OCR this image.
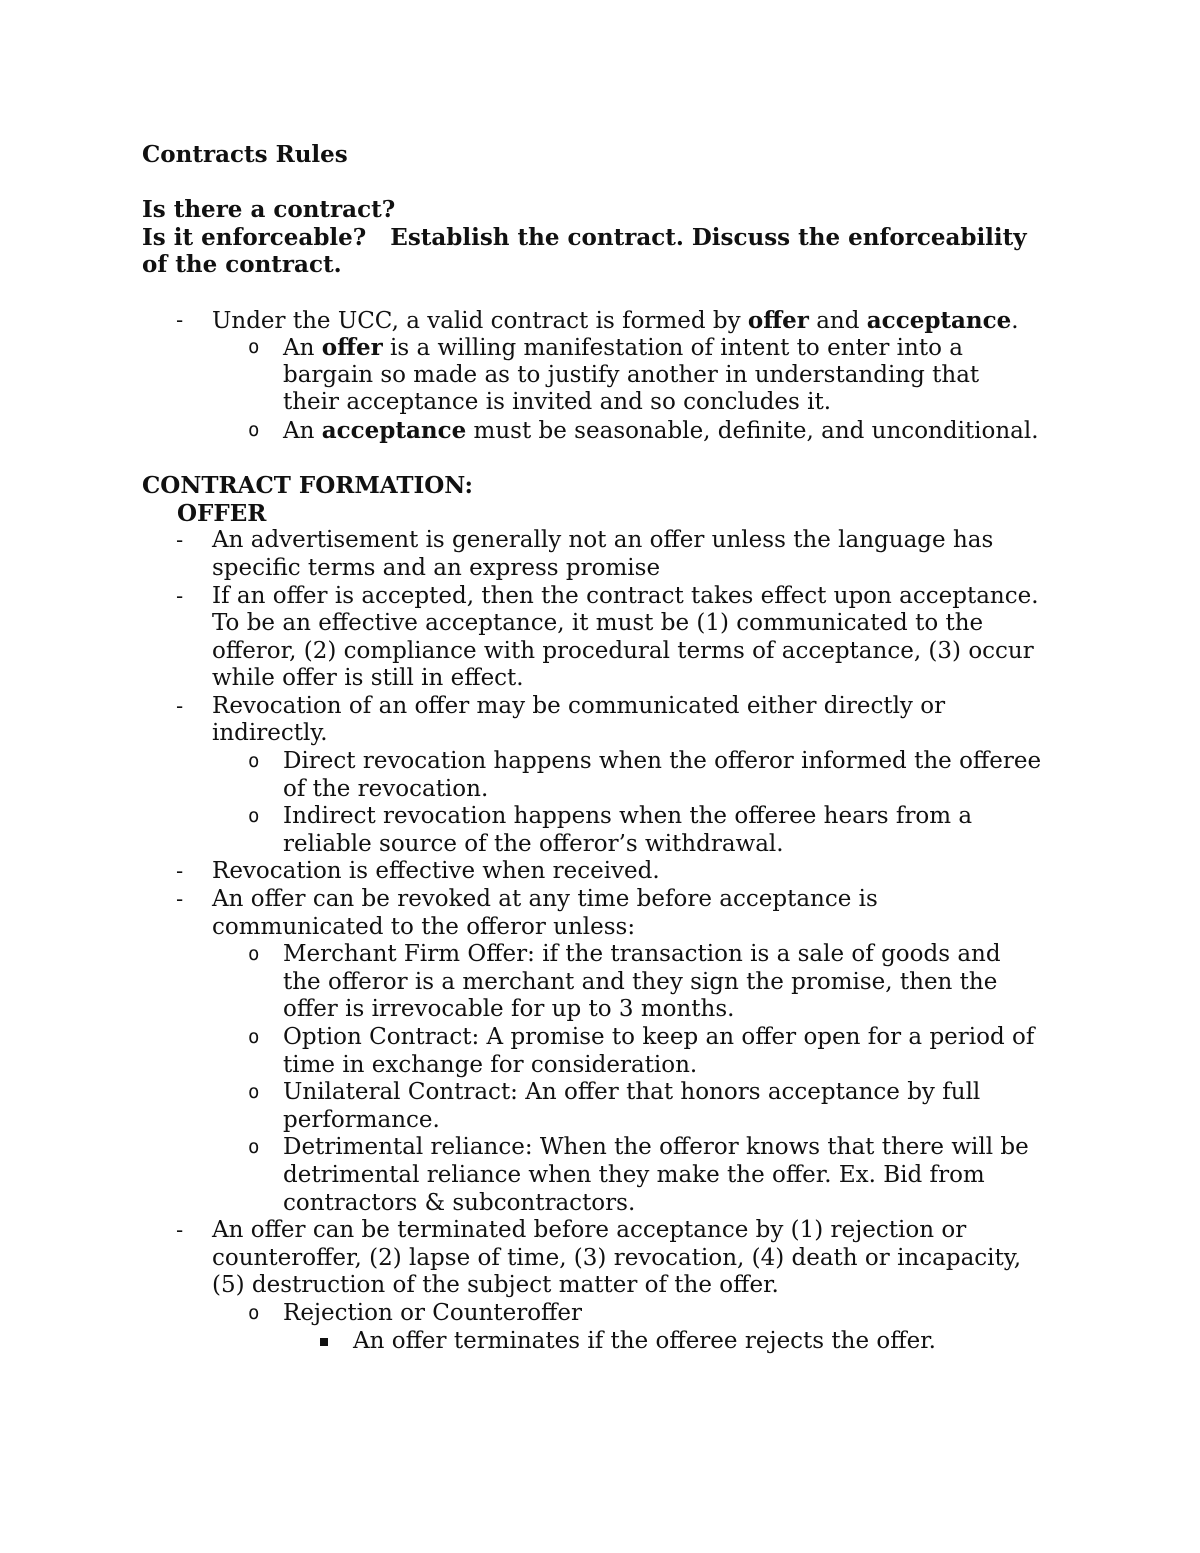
Contracts Rules
Is there a contract?
Is it enforceable?   Establish the contract. Discuss the enforceability
of the contract.
- Under the UCC, a valid contract is formed by offer and acceptance.
o An offer is a willing manifestation of intent to enter into a
bargain so made as to justify another in understanding that
their acceptance is invited and so concludes it.
o An acceptance must be seasonable, definite, and unconditional.
CONTRACT FORMATION:
OFFER
- An advertisement is generally not an offer unless the language has
specific terms and an express promise
- If an offer is accepted, then the contract takes effect upon acceptance.
To be an effective acceptance, it must be (1) communicated to the
offeror, (2) compliance with procedural terms of acceptance, (3) occur
while offer is still in effect.
- Revocation of an offer may be communicated either directly or
indirectly.
o Direct revocation happens when the offeror informed the offeree
of the revocation.
o Indirect revocation happens when the offeree hears from a
reliable source of the offeror’s withdrawal.
- Revocation is effective when received.
- An offer can be revoked at any time before acceptance is
communicated to the offeror unless:
o Merchant Firm Offer: if the transaction is a sale of goods and
the offeror is a merchant and they sign the promise, then the
offer is irrevocable for up to 3 months.
o Option Contract: A promise to keep an offer open for a period of
time in exchange for consideration.
o Unilateral Contract: An offer that honors acceptance by full
performance.
o Detrimental reliance: When the offeror knows that there will be
detrimental reliance when they make the offer. Ex. Bid from
contractors & subcontractors.
- An offer can be terminated before acceptance by (1) rejection or
counteroffer, (2) lapse of time, (3) revocation, (4) death or incapacity,
(5) destruction of the subject matter of the offer.
o Rejection or Counteroffer
An offer terminates if the offeree rejects the offer.
